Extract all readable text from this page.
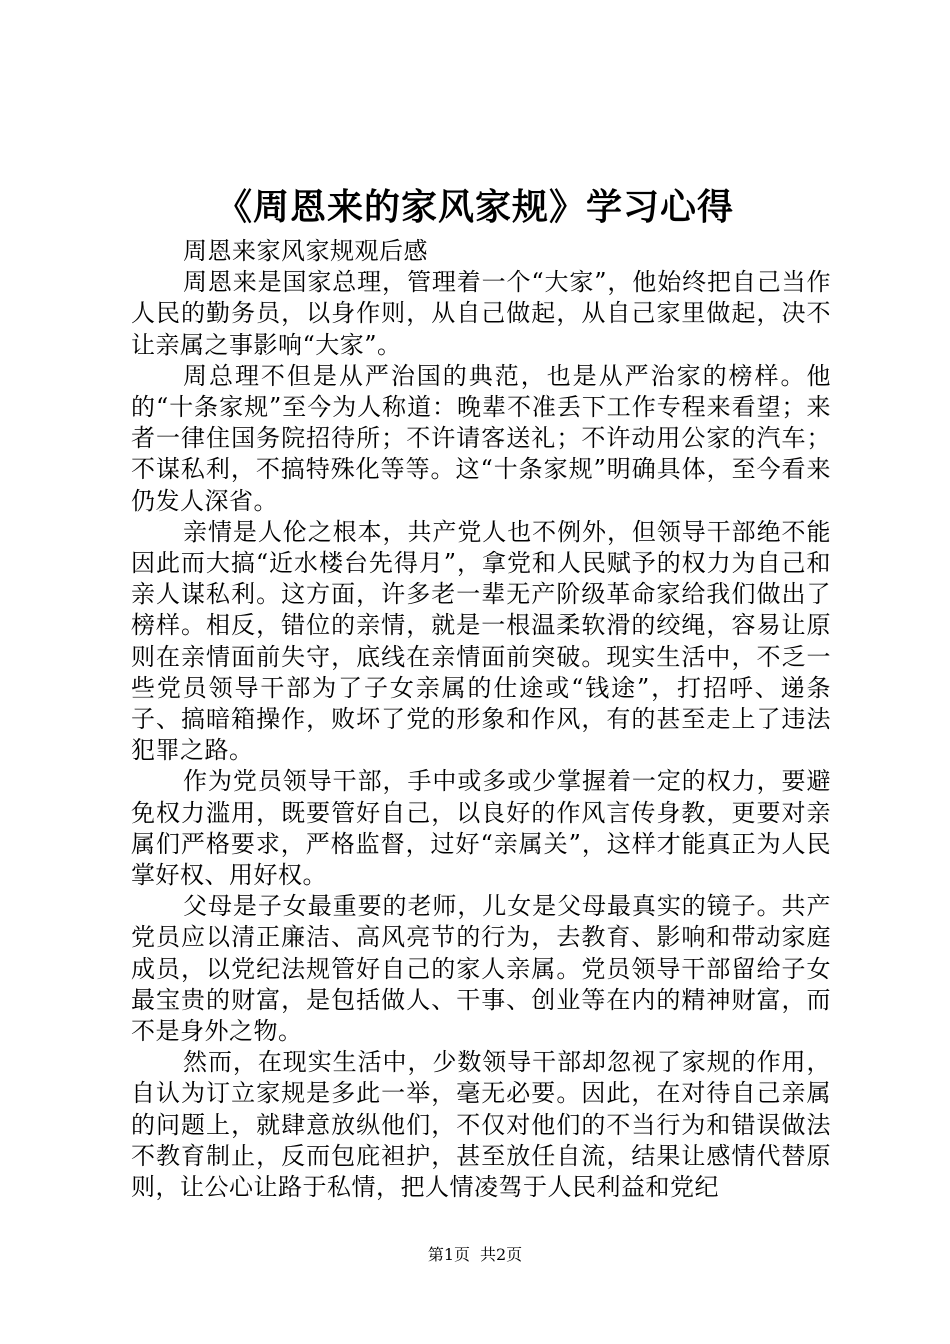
《周恩来的家风家规》学习心得

周恩来家风家规观后感

周恩来是国家总理，管理着一个“大家”，他始终把自己当作人民的勤务员，以身作则，从自己做起，从自己家里做起，决不让亲属之事影响“大家”。

周总理不但是从严治国的典范，也是从严治家的榜样。他的“十条家规”至今为人称道：晚辈不准丢下工作专程来看望；来者一律住国务院招待所；不许请客送礼；不许动用公家的汽车；不谋私利，不搞特殊化等等。这“十条家规”明确具体，至今看来仍发人深省。

亲情是人伦之根本，共产党人也不例外，但领导干部绝不能因此而大搞“近水楼台先得月”，拿党和人民赋予的权力为自己和亲人谋私利。这方面，许多老一辈无产阶级革命家给我们做出了榜样。相反，错位的亲情，就是一根温柔软滑的绞绳，容易让原则在亲情面前失守，底线在亲情面前突破。现实生活中，不乏一些党员领导干部为了子女亲属的仕途或“钱途”，打招呼、递条子、搞暗箱操作，败坏了党的形象和作风，有的甚至走上了违法犯罪之路。

作为党员领导干部，手中或多或少掌握着一定的权力，要避免权力滥用，既要管好自己，以良好的作风言传身教，更要对亲属们严格要求，严格监督，过好“亲属关”，这样才能真正为人民掌好权、用好权。

父母是子女最重要的老师，儿女是父母最真实的镜子。共产党员应以清正廉洁、高风亮节的行为，去教育、影响和带动家庭成员，以党纪法规管好自己的家人亲属。党员领导干部留给子女最宝贵的财富，是包括做人、干事、创业等在内的精神财富，而不是身外之物。

然而，在现实生活中，少数领导干部却忽视了家规的作用，自认为订立家规是多此一举，毫无必要。因此，在对待自己亲属的问题上，就肆意放纵他们，不仅对他们的不当行为和错误做法不教育制止，反而包庇袒护，甚至放任自流，结果让感情代替原则，让公心让路于私情，把人情凌驾于人民利益和党纪

第1页 共2页
